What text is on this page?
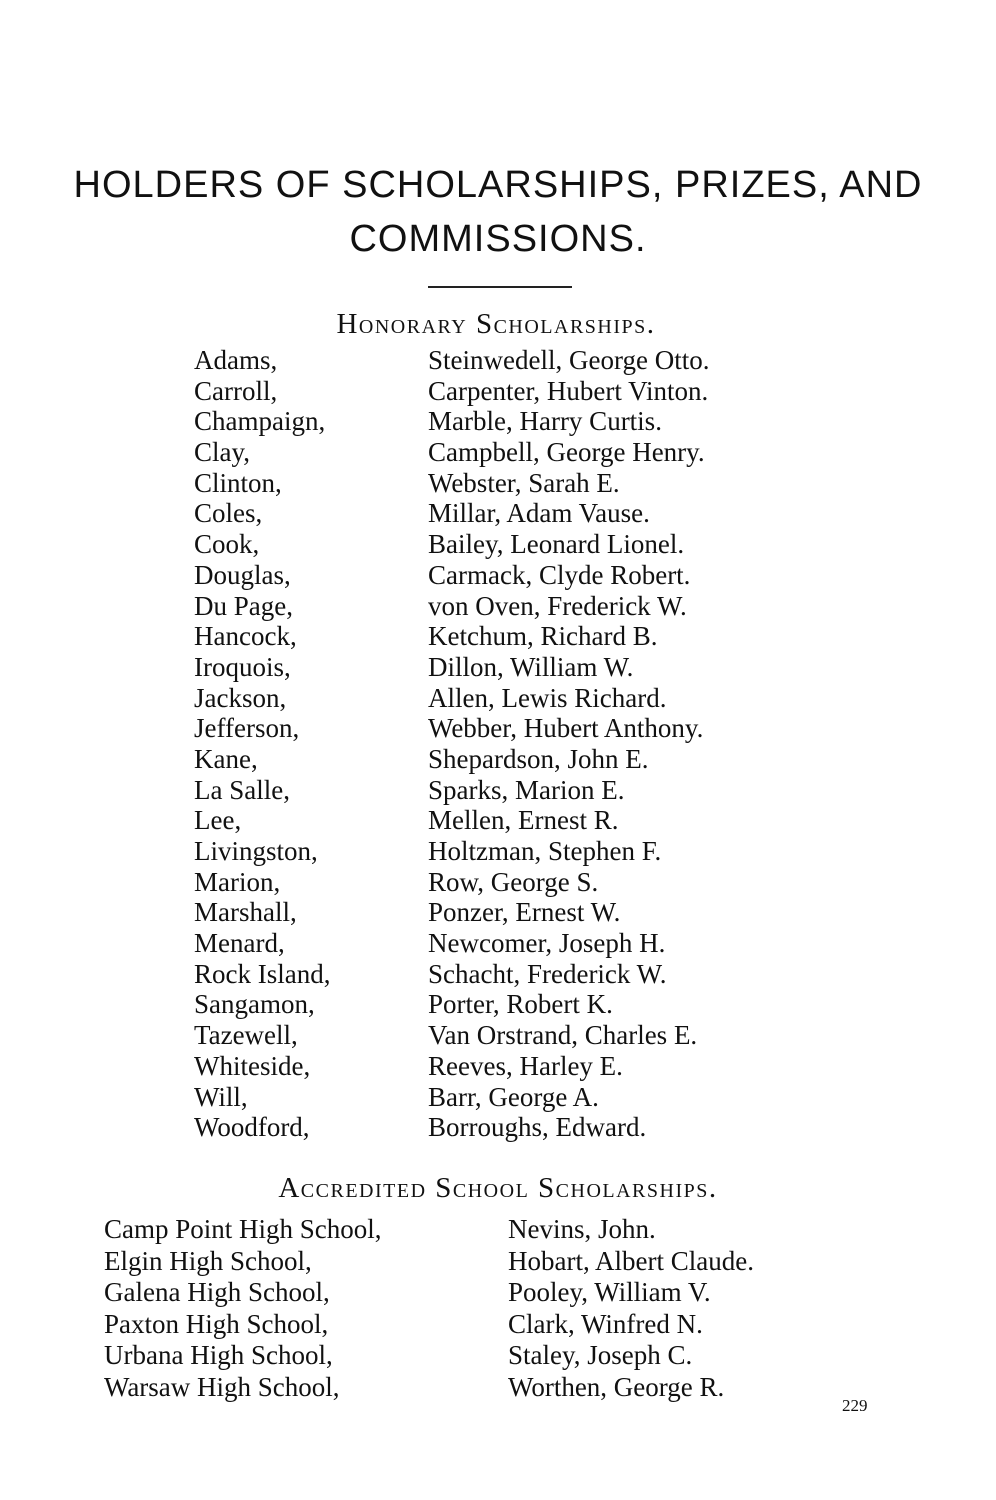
HOLDERS OF SCHOLARSHIPS, PRIZES, AND
COMMISSIONS.
Honorary Scholarships.
Adams,	Steinwedell, George Otto.
Carroll,	Carpenter, Hubert Vinton.
Champaign,	Marble, Harry Curtis.
Clay,	Campbell, George Henry.
Clinton,	Webster, Sarah E.
Coles,	Millar, Adam Vause.
Cook,	Bailey, Leonard Lionel.
Douglas,	Carmack, Clyde Robert.
Du Page,	von Oven, Frederick W.
Hancock,	Ketchum, Richard B.
Iroquois,	Dillon, William W.
Jackson,	Allen, Lewis Richard.
Jefferson,	Webber, Hubert Anthony.
Kane,	Shepardson, John E.
La Salle,	Sparks, Marion E.
Lee,	Mellen, Ernest R.
Livingston,	Holtzman, Stephen F.
Marion,	Row, George S.
Marshall,	Ponzer, Ernest W.
Menard,	Newcomer, Joseph H.
Rock Island,	Schacht, Frederick W.
Sangamon,	Porter, Robert K.
Tazewell,	Van Orstrand, Charles E.
Whiteside,	Reeves, Harley E.
Will,	Barr, George A.
Woodford,	Borroughs, Edward.
Accredited School Scholarships.
Camp Point High School,	Nevins, John.
Elgin High School,	Hobart, Albert Claude.
Galena High School,	Pooley, William V.
Paxton High School,	Clark, Winfred N.
Urbana High School,	Staley, Joseph C.
Warsaw High School,	Worthen, George R.
229
